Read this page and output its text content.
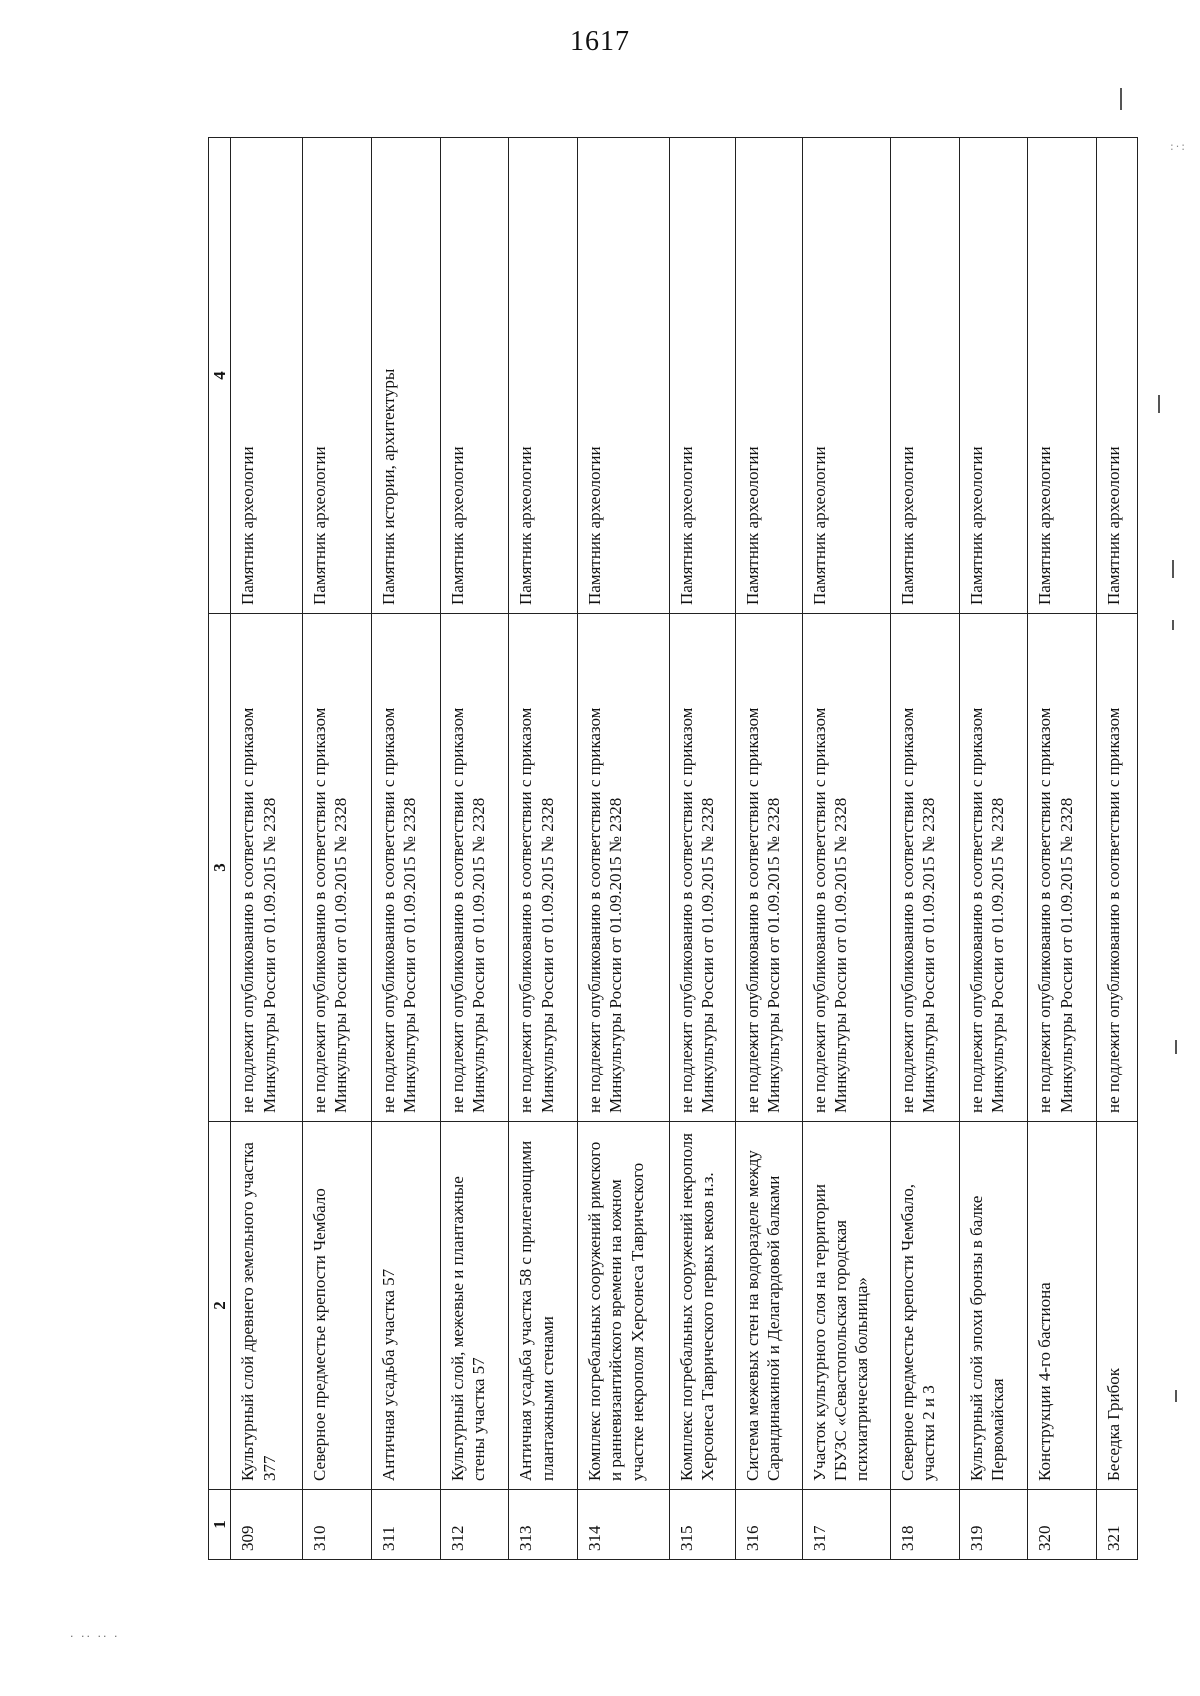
1617
· ·· ·· ·
:·:
1	2	3	4
309	Культурный слой древнего земельного участка 377	не подлежит опубликованию в соответствии с приказом Минкультуры России от 01.09.2015 № 2328	Памятник археологии
310	Северное предместье крепости Чембало	не подлежит опубликованию в соответствии с приказом Минкультуры России от 01.09.2015 № 2328	Памятник археологии
311	Античная усадьба участка 57	не подлежит опубликованию в соответствии с приказом Минкультуры России от 01.09.2015 № 2328	Памятник истории, архитектуры
312	Культурный слой, межевые и плантажные стены участка 57	не подлежит опубликованию в соответствии с приказом Минкультуры России от 01.09.2015 № 2328	Памятник археологии
313	Античная усадьба участка 58 с прилегающими плантажными стенами	не подлежит опубликованию в соответствии с приказом Минкультуры России от 01.09.2015 № 2328	Памятник археологии
314	Комплекс погребальных сооружений римского и ранневизантийского времени на южном участке некрополя Херсонеса Таврического	не подлежит опубликованию в соответствии с приказом Минкультуры России от 01.09.2015 № 2328	Памятник археологии
315	Комплекс погребальных сооружений некрополя Херсонеса Таврического первых веков н.з.	не подлежит опубликованию в соответствии с приказом Минкультуры России от 01.09.2015 № 2328	Памятник археологии
316	Система межевых стен на водоразделе между Сарандинакиной и Делагардовой балками	не подлежит опубликованию в соответствии с приказом Минкультуры России от 01.09.2015 № 2328	Памятник археологии
317	Участок культурного слоя на территории ГБУЗС «Севастопольская городская психиатрическая больница»	не подлежит опубликованию в соответствии с приказом Минкультуры России от 01.09.2015 № 2328	Памятник археологии
318	Северное предместье крепости Чембало, участки 2 и 3	не подлежит опубликованию в соответствии с приказом Минкультуры России от 01.09.2015 № 2328	Памятник археологии
319	Культурный слой эпохи бронзы в балке Первомайская	не подлежит опубликованию в соответствии с приказом Минкультуры России от 01.09.2015 № 2328	Памятник археологии
320	Конструкции 4-го бастиона	не подлежит опубликованию в соответствии с приказом Минкультуры России от 01.09.2015 № 2328	Памятник археологии
321	Беседка Грибок	не подлежит опубликованию в соответствии с приказом	Памятник археологии
